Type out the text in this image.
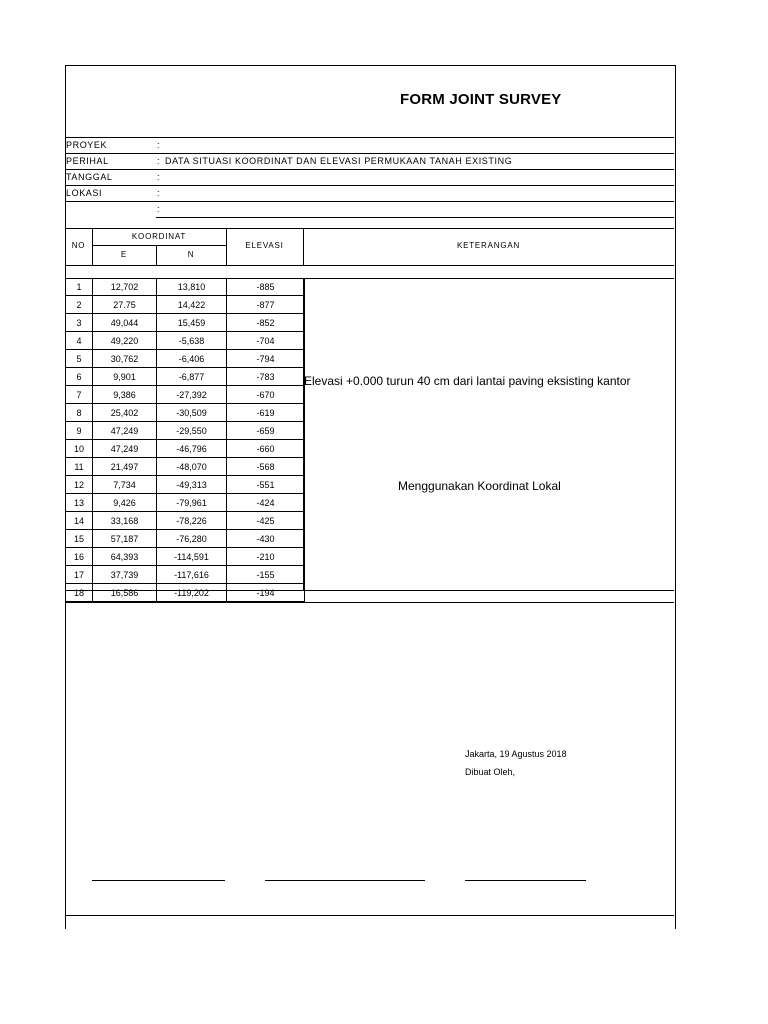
FORM JOINT SURVEY
PROYEK	:
PERIHAL	: DATA SITUASI KOORDINAT DAN ELEVASI PERMUKAAN TANAH EXISTING
TANGGAL	:
LOKASI	:
:
NO
KOORDINAT
E	N
ELEVASI	KETERANGAN
1	12,702	13,810	-885
2	27.75	14,422	-877
3	49,044	15,459	-852
4	49,220	-5,638	-704
5	30,762	-6,406	-794
6	9,901	-6,877	-783
7	9,386	-27,392	-670
8	25,402	-30,509	-619
9	47,249	-29,550	-659
10	47,249	-46,796	-660
11	21,497	-48,070	-568
12	7,734	-49,313	-551
13	9,426	-79,961	-424
14	33,168	-78,226	-425
15	57,187	-76,280	-430
16	64,393	-114,591	-210
17	37,739	-117,616	-155
18	16,586	-119,202	-194
Elevasi +0.000 turun 40 cm dari lantai paving eksisting kantor
Menggunakan Koordinat Lokal
Jakarta, 19 Agustus 2018
Dibuat Oleh,
